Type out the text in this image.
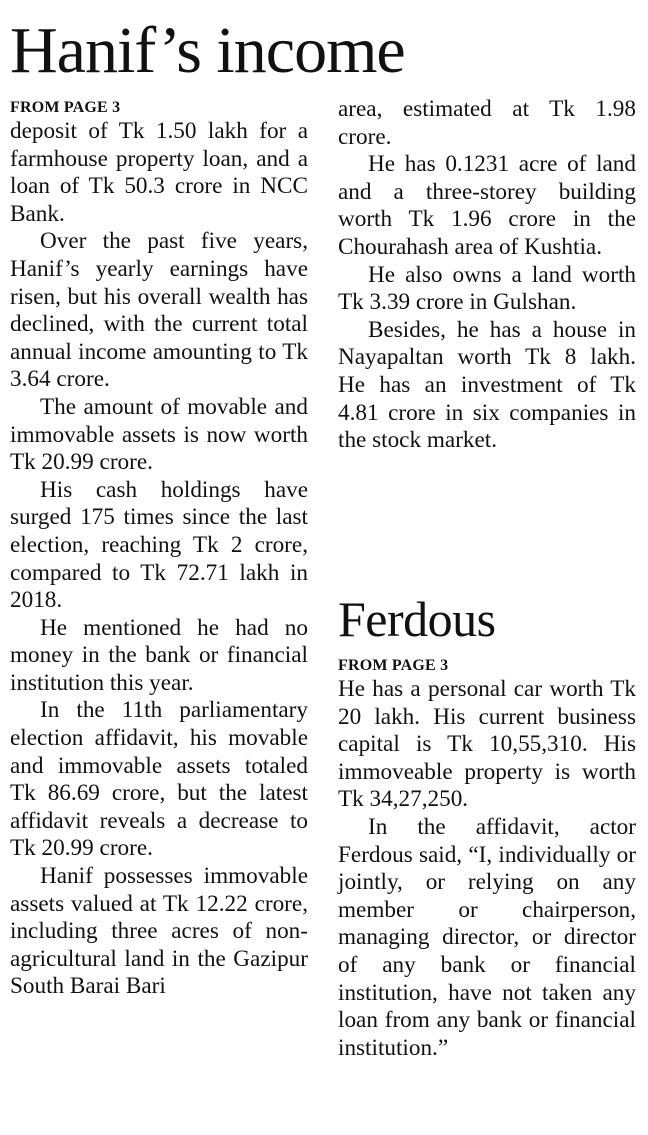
Hanif’s income
FROM PAGE 3

deposit of Tk 1.50 lakh for a farmhouse property loan, and a loan of Tk 50.3 crore in NCC Bank.

Over the past five years, Hanif’s yearly earnings have risen, but his overall wealth has declined, with the current total annual income amounting to Tk 3.64 crore.

The amount of movable and immovable assets is now worth Tk 20.99 crore.

His cash holdings have surged 175 times since the last election, reaching Tk 2 crore, compared to Tk 72.71 lakh in 2018.

He mentioned he had no money in the bank or financial institution this year.

In the 11th parliamentary election affidavit, his movable and immovable assets totaled Tk 86.69 crore, but the latest affidavit reveals a decrease to Tk 20.99 crore.

Hanif possesses immovable assets valued at Tk 12.22 crore, including three acres of non-agricultural land in the Gazipur South Barai Bari

area, estimated at Tk 1.98 crore.

He has 0.1231 acre of land and a three-storey building worth Tk 1.96 crore in the Chourahash area of Kushtia.

He also owns a land worth Tk 3.39 crore in Gulshan.

Besides, he has a house in Nayapaltan worth Tk 8 lakh. He has an investment of Tk 4.81 crore in six companies in the stock market.

Ferdous
FROM PAGE 3

He has a personal car worth Tk 20 lakh. His current business capital is Tk 10,55,310. His immoveable property is worth Tk 34,27,250.

In the affidavit, actor Ferdous said, “I, individually or jointly, or relying on any member or chairperson, managing director, or director of any bank or financial institution, have not taken any loan from any bank or financial institution.”
